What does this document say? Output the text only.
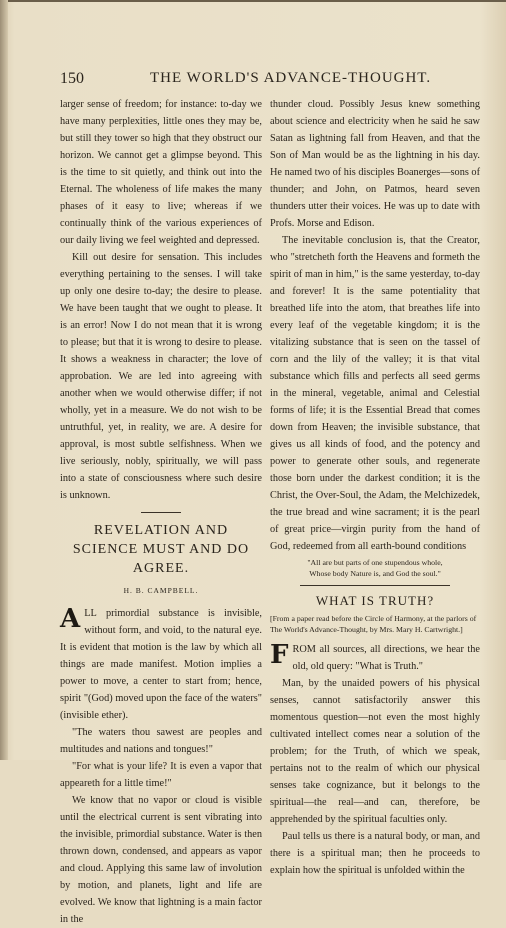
150	THE WORLD'S ADVANCE-THOUGHT.

larger sense of freedom; for instance: to-day we have many perplexities, little ones they may be, but still they tower so high that they obstruct our horizon. We cannot get a glimpse beyond. This is the time to sit quietly, and think out into the Eternal. The wholeness of life makes the many phases of it easy to live; whereas if we continually think of the various experiences of our daily living we feel weighted and depressed.

Kill out desire for sensation. This includes everything pertaining to the senses. I will take up only one desire to-day; the desire to please. We have been taught that we ought to please. It is an error! Now I do not mean that it is wrong to please; but that it is wrong to desire to please. It shows a weakness in character; the love of approbation. We are led into agreeing with another when we would otherwise differ; if not wholly, yet in a measure. We do not wish to be untruthful, yet, in reality, we are. A desire for approval, is most subtle selfishness. When we live seriously, nobly, spiritually, we will pass into a state of consciousness where such desire is unknown.

REVELATION AND SCIENCE MUST AND DO AGREE.
H. B. CAMPBELL.

ALL primordial substance is invisible, without form, and void, to the natural eye. It is evident that motion is the law by which all things are made manifest. Motion implies a power to move, a center to start from; hence, spirit "(God) moved upon the face of the waters" (invisible ether).

"The waters thou sawest are peoples and multitudes and nations and tongues!"

"For what is your life? It is even a vapor that appeareth for a little time!"

We know that no vapor or cloud is visible until the electrical current is sent vibrating into the invisible, primordial substance. Water is then thrown down, condensed, and appears as vapor and cloud. Applying this same law of involution by motion, and planets, light and life are evolved. We know that lightning is a main factor in the

thunder cloud. Possibly Jesus knew something about science and electricity when he said he saw Satan as lightning fall from Heaven, and that the Son of Man would be as the lightning in his day. He named two of his disciples Boanerges—sons of thunder; and John, on Patmos, heard seven thunders utter their voices. He was up to date with Profs. Morse and Edison.

The inevitable conclusion is, that the Creator, who "stretcheth forth the Heavens and formeth the spirit of man in him," is the same yesterday, to-day and forever! It is the same potentiality that breathed life into the atom, that breathes life into every leaf of the vegetable kingdom; it is the vitalizing substance that is seen on the tassel of corn and the lily of the valley; it is that vital substance which fills and perfects all seed germs in the mineral, vegetable, animal and Celestial forms of life; it is the Essential Bread that comes down from Heaven; the invisible substance, that gives us all kinds of food, and the potency and power to generate other souls, and regenerate those born under the darkest condition; it is the Christ, the Over-Soul, the Adam, the Melchizedek, the true bread and wine sacrament; it is the pearl of great price—virgin purity from the hand of God, redeemed from all earth-bound conditions

"All are but parts of one stupendous whole,
Whose body Nature is, and God the soul."
WHAT IS TRUTH?
[From a paper read before the Circle of Harmony, at the parlors of The World's Advance-Thought, by Mrs. Mary H. Cartwright.]

FROM all sources, all directions, we hear the old, old query: "What is Truth."

Man, by the unaided powers of his physical senses, cannot satisfactorily answer this momentous question—not even the most highly cultivated intellect comes near a solution of the problem; for the Truth, of which we speak, pertains not to the realm of which our physical senses take cognizance, but it belongs to the spiritual—the real—and can, therefore, be apprehended by the spiritual faculties only.

Paul tells us there is a natural body, or man, and there is a spiritual man; then he proceeds to explain how the spiritual is unfolded within the
